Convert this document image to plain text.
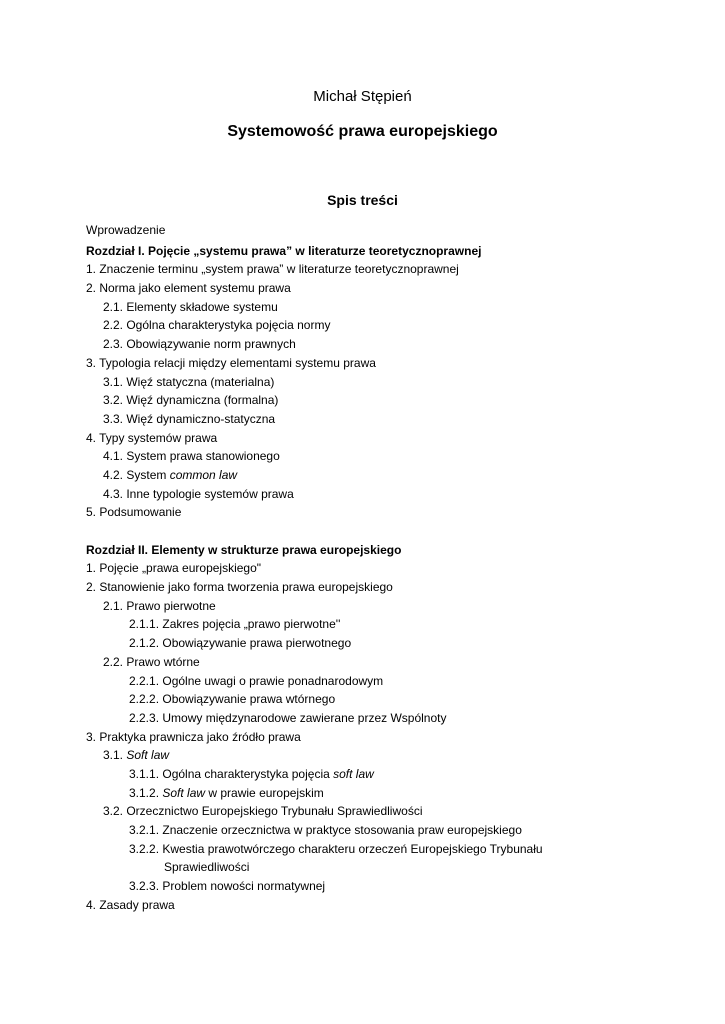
Michał Stępień
Systemowość prawa europejskiego
Spis treści
Wprowadzenie
Rozdział I. Pojęcie „systemu prawa” w literaturze teoretycznoprawnej
1. Znaczenie terminu „system prawa” w literaturze teoretycznoprawnej
2. Norma jako element systemu prawa
2.1. Elementy składowe systemu
2.2. Ogólna charakterystyka pojęcia normy
2.3. Obowiązywanie norm prawnych
3. Typologia relacji między elementami systemu prawa
3.1. Więź statyczna (materialna)
3.2. Więź dynamiczna (formalna)
3.3. Więź dynamiczno-statyczna
4. Typy systemów prawa
4.1. System prawa stanowionego
4.2. System common law
4.3. Inne typologie systemów prawa
5. Podsumowanie
Rozdział II. Elementy w strukturze prawa europejskiego
1. Pojęcie „prawa europejskiego"
2. Stanowienie jako forma tworzenia prawa europejskiego
2.1. Prawo pierwotne
2.1.1. Zakres pojęcia „prawo pierwotne''
2.1.2. Obowiązywanie prawa pierwotnego
2.2. Prawo wtórne
2.2.1. Ogólne uwagi o prawie ponadnarodowym
2.2.2. Obowiązywanie prawa wtórnego
2.2.3. Umowy międzynarodowe zawierane przez Wspólnoty
3. Praktyka prawnicza jako źródło prawa
3.1. Soft law
3.1.1. Ogólna charakterystyka pojęcia soft law
3.1.2. Soft law w prawie europejskim
3.2. Orzecznictwo Europejskiego Trybunału Sprawiedliwości
3.2.1. Znaczenie orzecznictwa w praktyce stosowania praw europejskiego
3.2.2. Kwestia prawotwórczego charakteru orzeczeń Europejskiego Trybunału
Sprawiedliwości
3.2.3. Problem nowości normatywnej
4. Zasady prawa
